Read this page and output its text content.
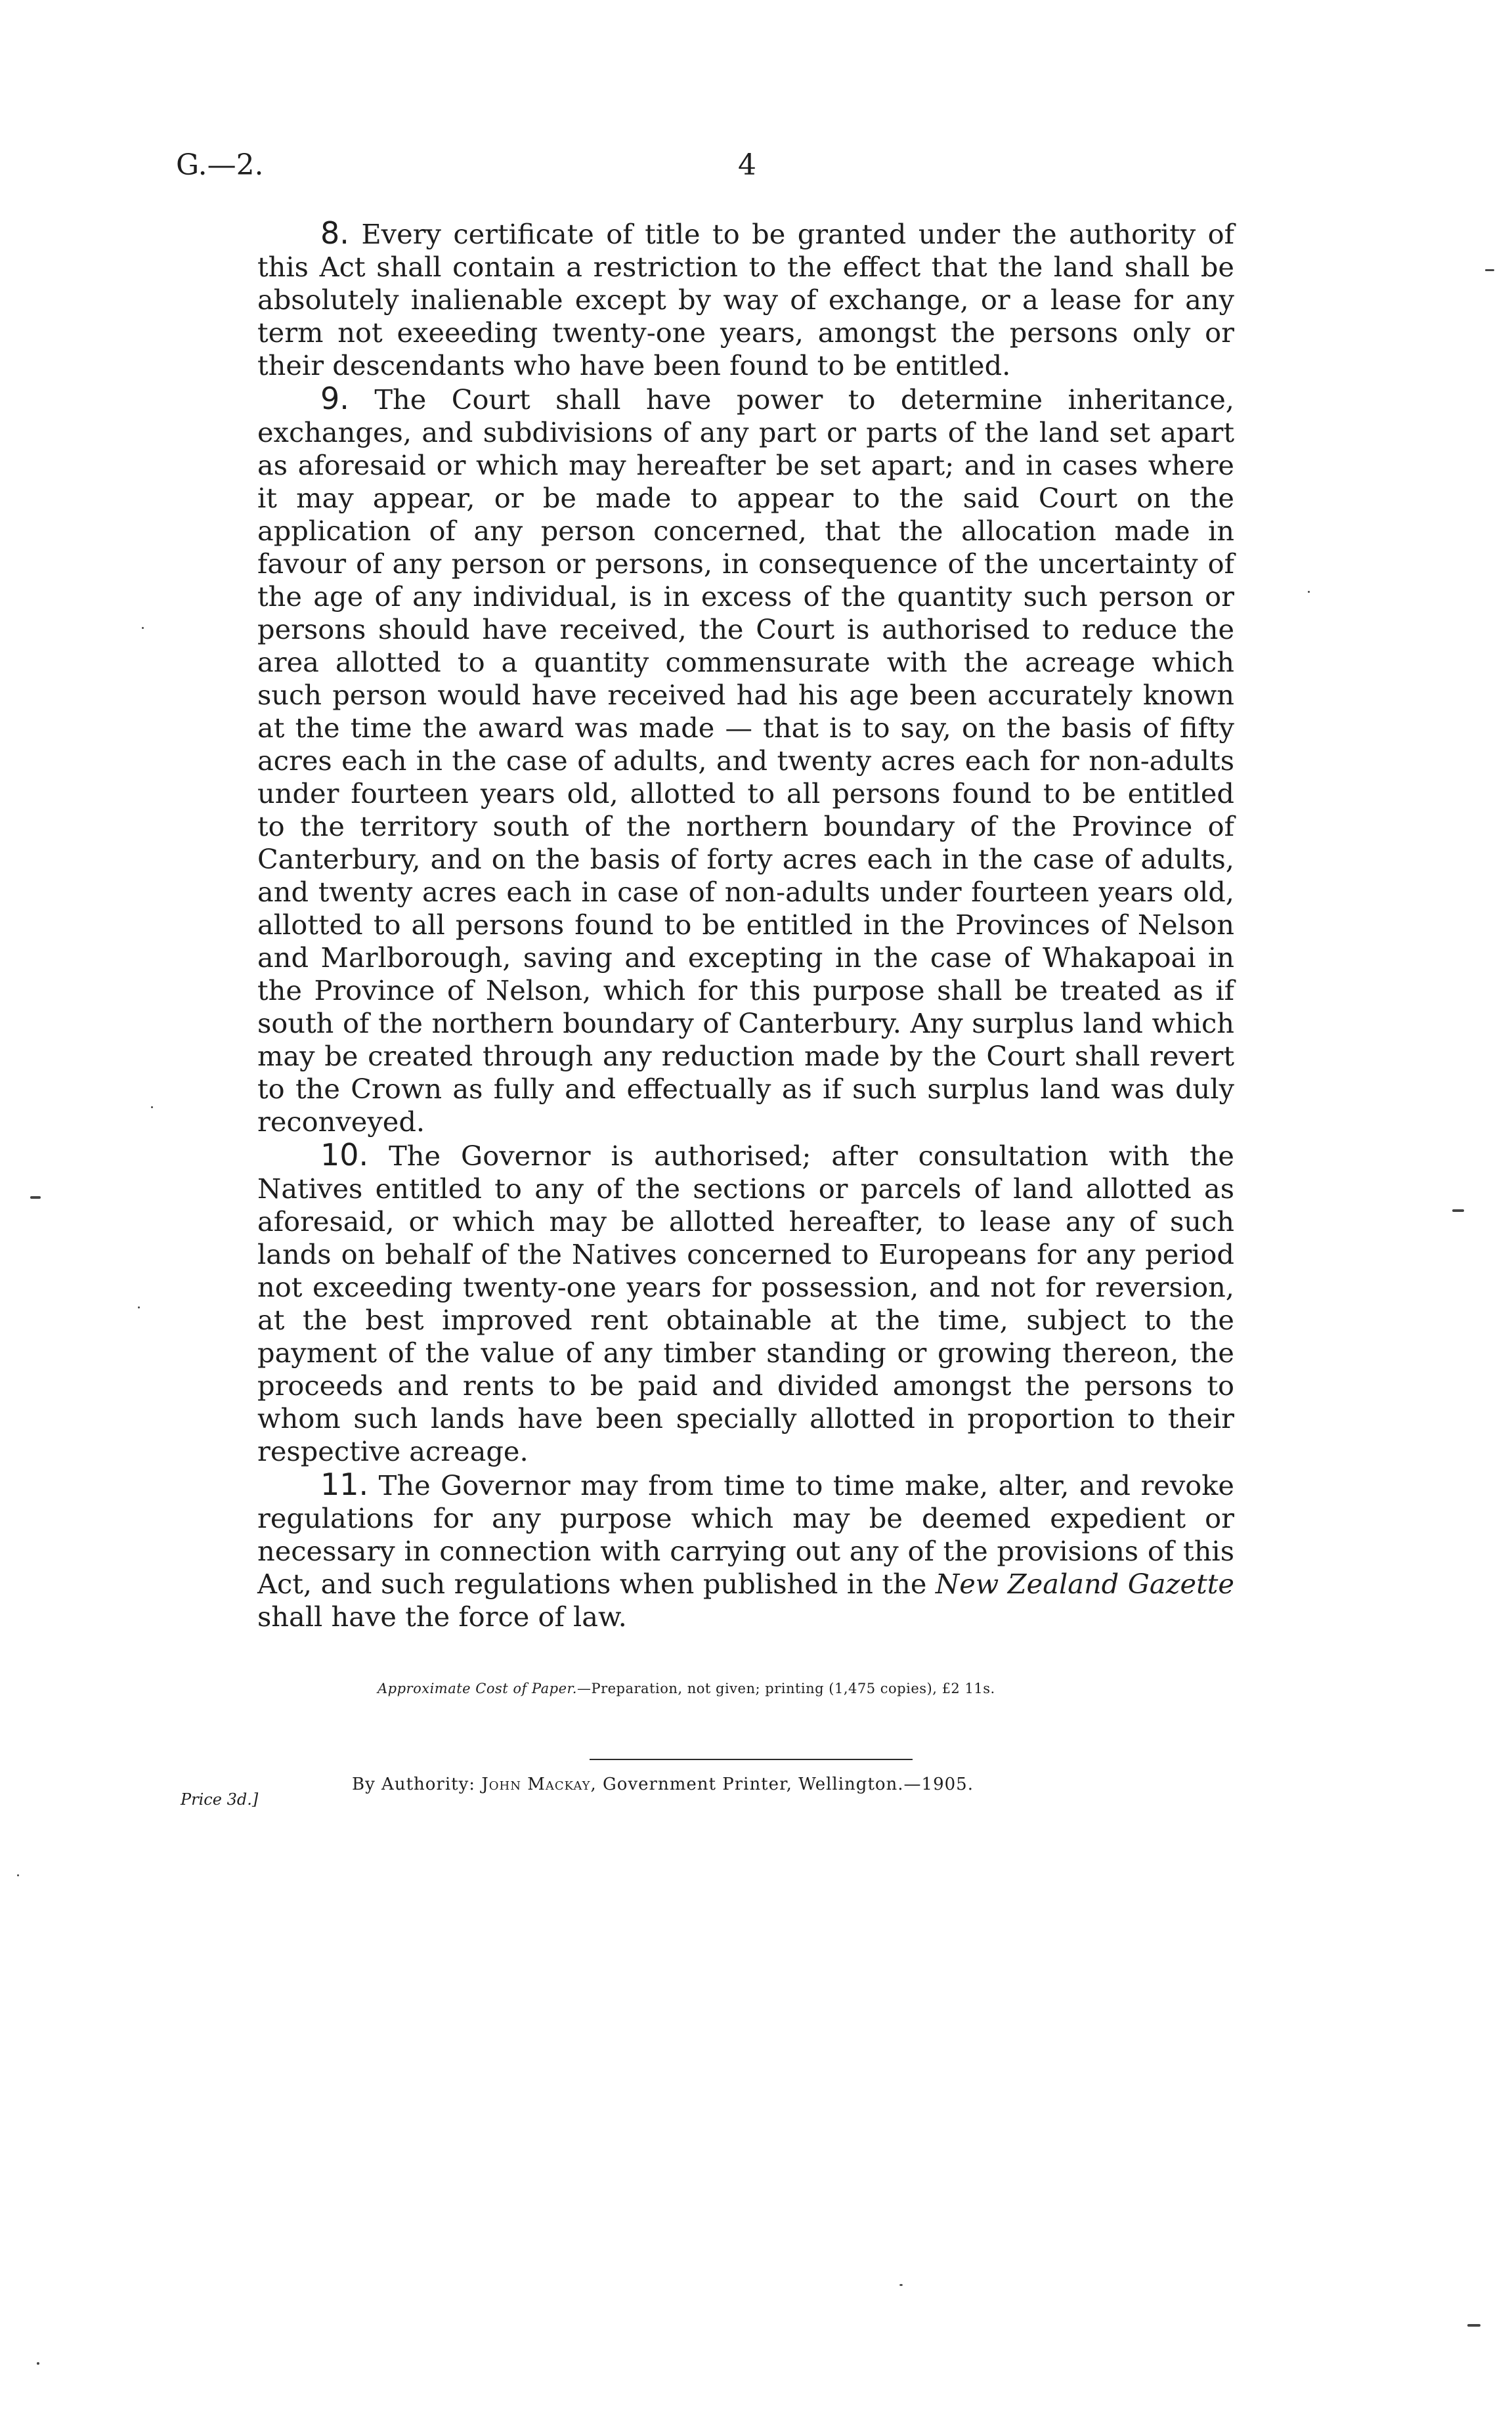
G.—2.	4

8. Every certificate of title to be granted under the authority of this Act shall contain a restriction to the effect that the land shall be absolutely inalienable except by way of exchange, or a lease for any term not exeeeding twenty-one years, amongst the persons only or their descendants who have been found to be entitled.

9. The Court shall have power to determine inheritance, exchanges, and subdivisions of any part or parts of the land set apart as aforesaid or which may hereafter be set apart; and in cases where it may appear, or be made to appear to the said Court on the application of any person concerned, that the allocation made in favour of any person or persons, in consequence of the uncertainty of the age of any individual, is in excess of the quantity such person or persons should have received, the Court is authorised to reduce the area allotted to a quantity commensurate with the acreage which such person would have received had his age been accurately known at the time the award was made — that is to say, on the basis of fifty acres each in the case of adults, and twenty acres each for non-adults under fourteen years old, allotted to all persons found to be entitled to the territory south of the northern boundary of the Province of Canterbury, and on the basis of forty acres each in the case of adults, and twenty acres each in case of non-adults under fourteen years old, allotted to all persons found to be entitled in the Provinces of Nelson and Marlborough, saving and excepting in the case of Whakapoai in the Province of Nelson, which for this purpose shall be treated as if south of the northern boundary of Canterbury. Any surplus land which may be created through any reduction made by the Court shall revert to the Crown as fully and effectually as if such surplus land was duly reconveyed.

10. The Governor is authorised; after consultation with the Natives entitled to any of the sections or parcels of land allotted as aforesaid, or which may be allotted hereafter, to lease any of such lands on behalf of the Natives concerned to Europeans for any period not exceeding twenty-one years for possession, and not for reversion, at the best improved rent obtainable at the time, subject to the payment of the value of any timber standing or growing thereon, the proceeds and rents to be paid and divided amongst the persons to whom such lands have been specially allotted in proportion to their respective acreage.

11. The Governor may from time to time make, alter, and revoke regulations for any purpose which may be deemed expedient or necessary in connection with carrying out any of the provisions of this Act, and such regulations when published in the New Zealand Gazette shall have the force of law.

Approximate Cost of Paper.—Preparation, not given; printing (1,475 copies), £2 11s.
By Authority: John Mackay, Government Printer, Wellington.—1905.
Price 3d.]
